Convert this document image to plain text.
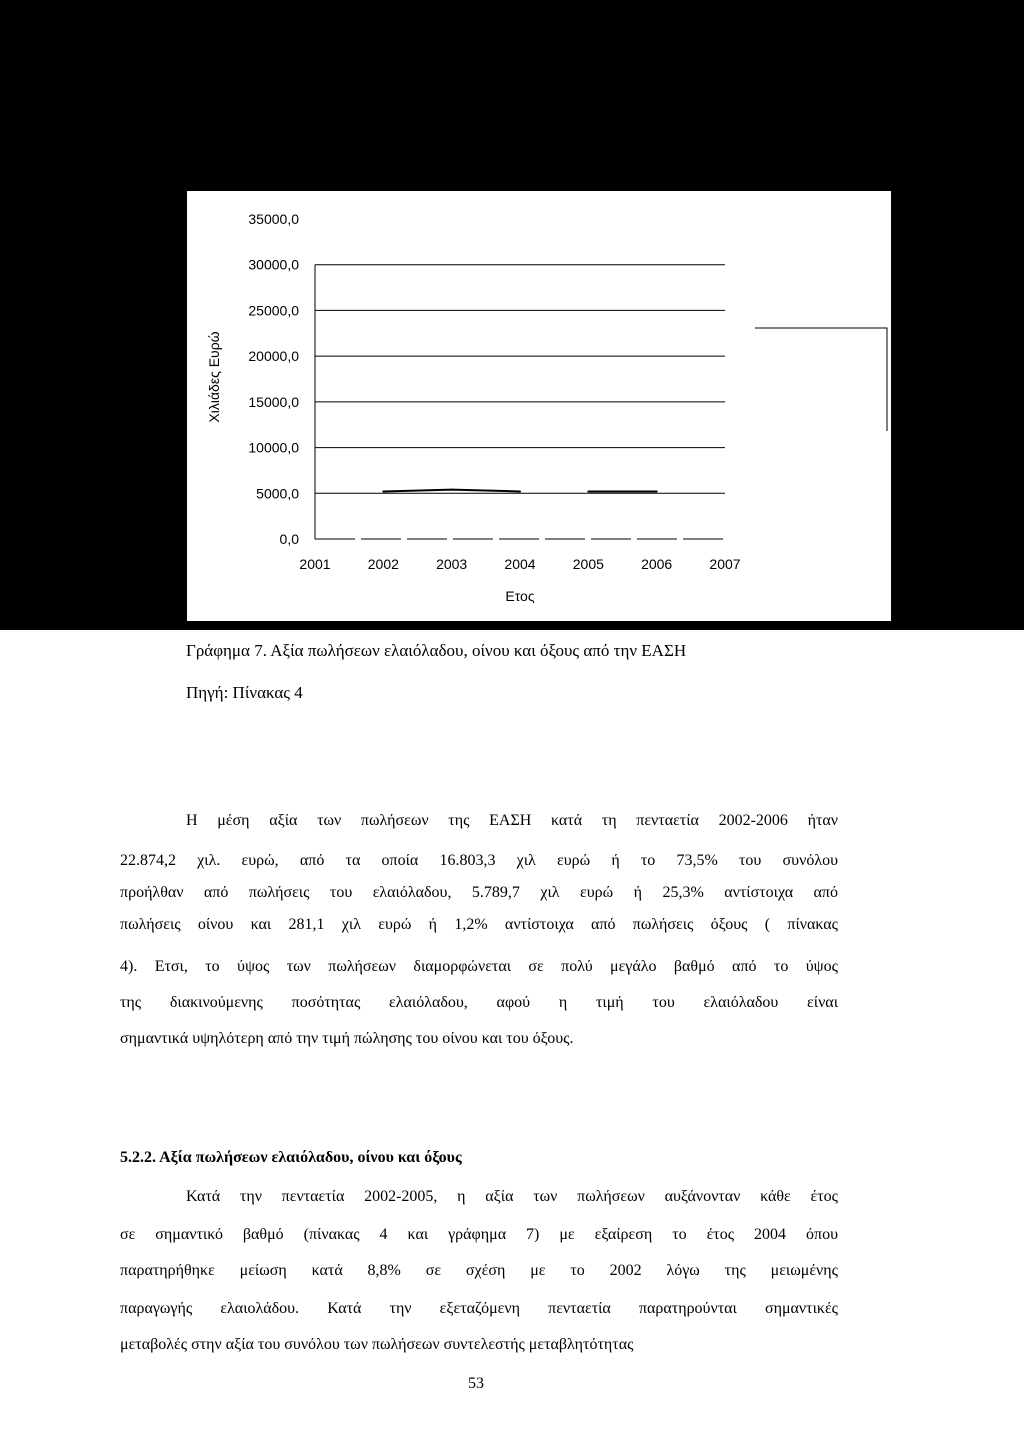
0,0
5000,0
10000,0
15000,0
20000,0
25000,0
30000,0
35000,0
2001	2002	2003	2004	2005	2006	2007
Ετος
Χιλιάδες Ευρώ
Γράφημα 7. Αξία πωλήσεων ελαιόλαδου, οίνου και όξους από την ΕΑΣΗ
Πηγή: Πίνακας 4
Η μέση αξία των πωλήσεων της ΕΑΣΗ κατά τη πενταετία 2002-2006 ήταν
22.874,2 χιλ. ευρώ, από τα οποία 16.803,3 χιλ ευρώ ή το 73,5% του συνόλου
προήλθαν από πωλήσεις του ελαιόλαδου, 5.789,7 χιλ ευρώ ή 25,3% αντίστοιχα από
πωλήσεις οίνου και 281,1 χιλ ευρώ ή 1,2% αντίστοιχα από πωλήσεις όξους ( πίνακας
4). Ετσι, το ύψος των πωλήσεων διαμορφώνεται σε πολύ μεγάλο βαθμό από το ύψος
της διακινούμενης ποσότητας ελαιόλαδου, αφού η τιμή του ελαιόλαδου είναι
σημαντικά υψηλότερη από την τιμή πώλησης του οίνου και του όξους.
5.2.2. Αξία πωλήσεων ελαιόλαδου, οίνου και όξους
Κατά την πενταετία 2002-2005, η αξία των πωλήσεων αυξάνονταν κάθε έτος
σε σημαντικό βαθμό (πίνακας 4 και γράφημα 7) με εξαίρεση το έτος 2004 όπου
παρατηρήθηκε μείωση κατά 8,8% σε σχέση με το 2002 λόγω της μειωμένης
παραγωγής ελαιολάδου. Κατά την εξεταζόμενη πενταετία παρατηρούνται σημαντικές
μεταβολές στην αξία του συνόλου των πωλήσεων συντελεστής μεταβλητότητας
53
